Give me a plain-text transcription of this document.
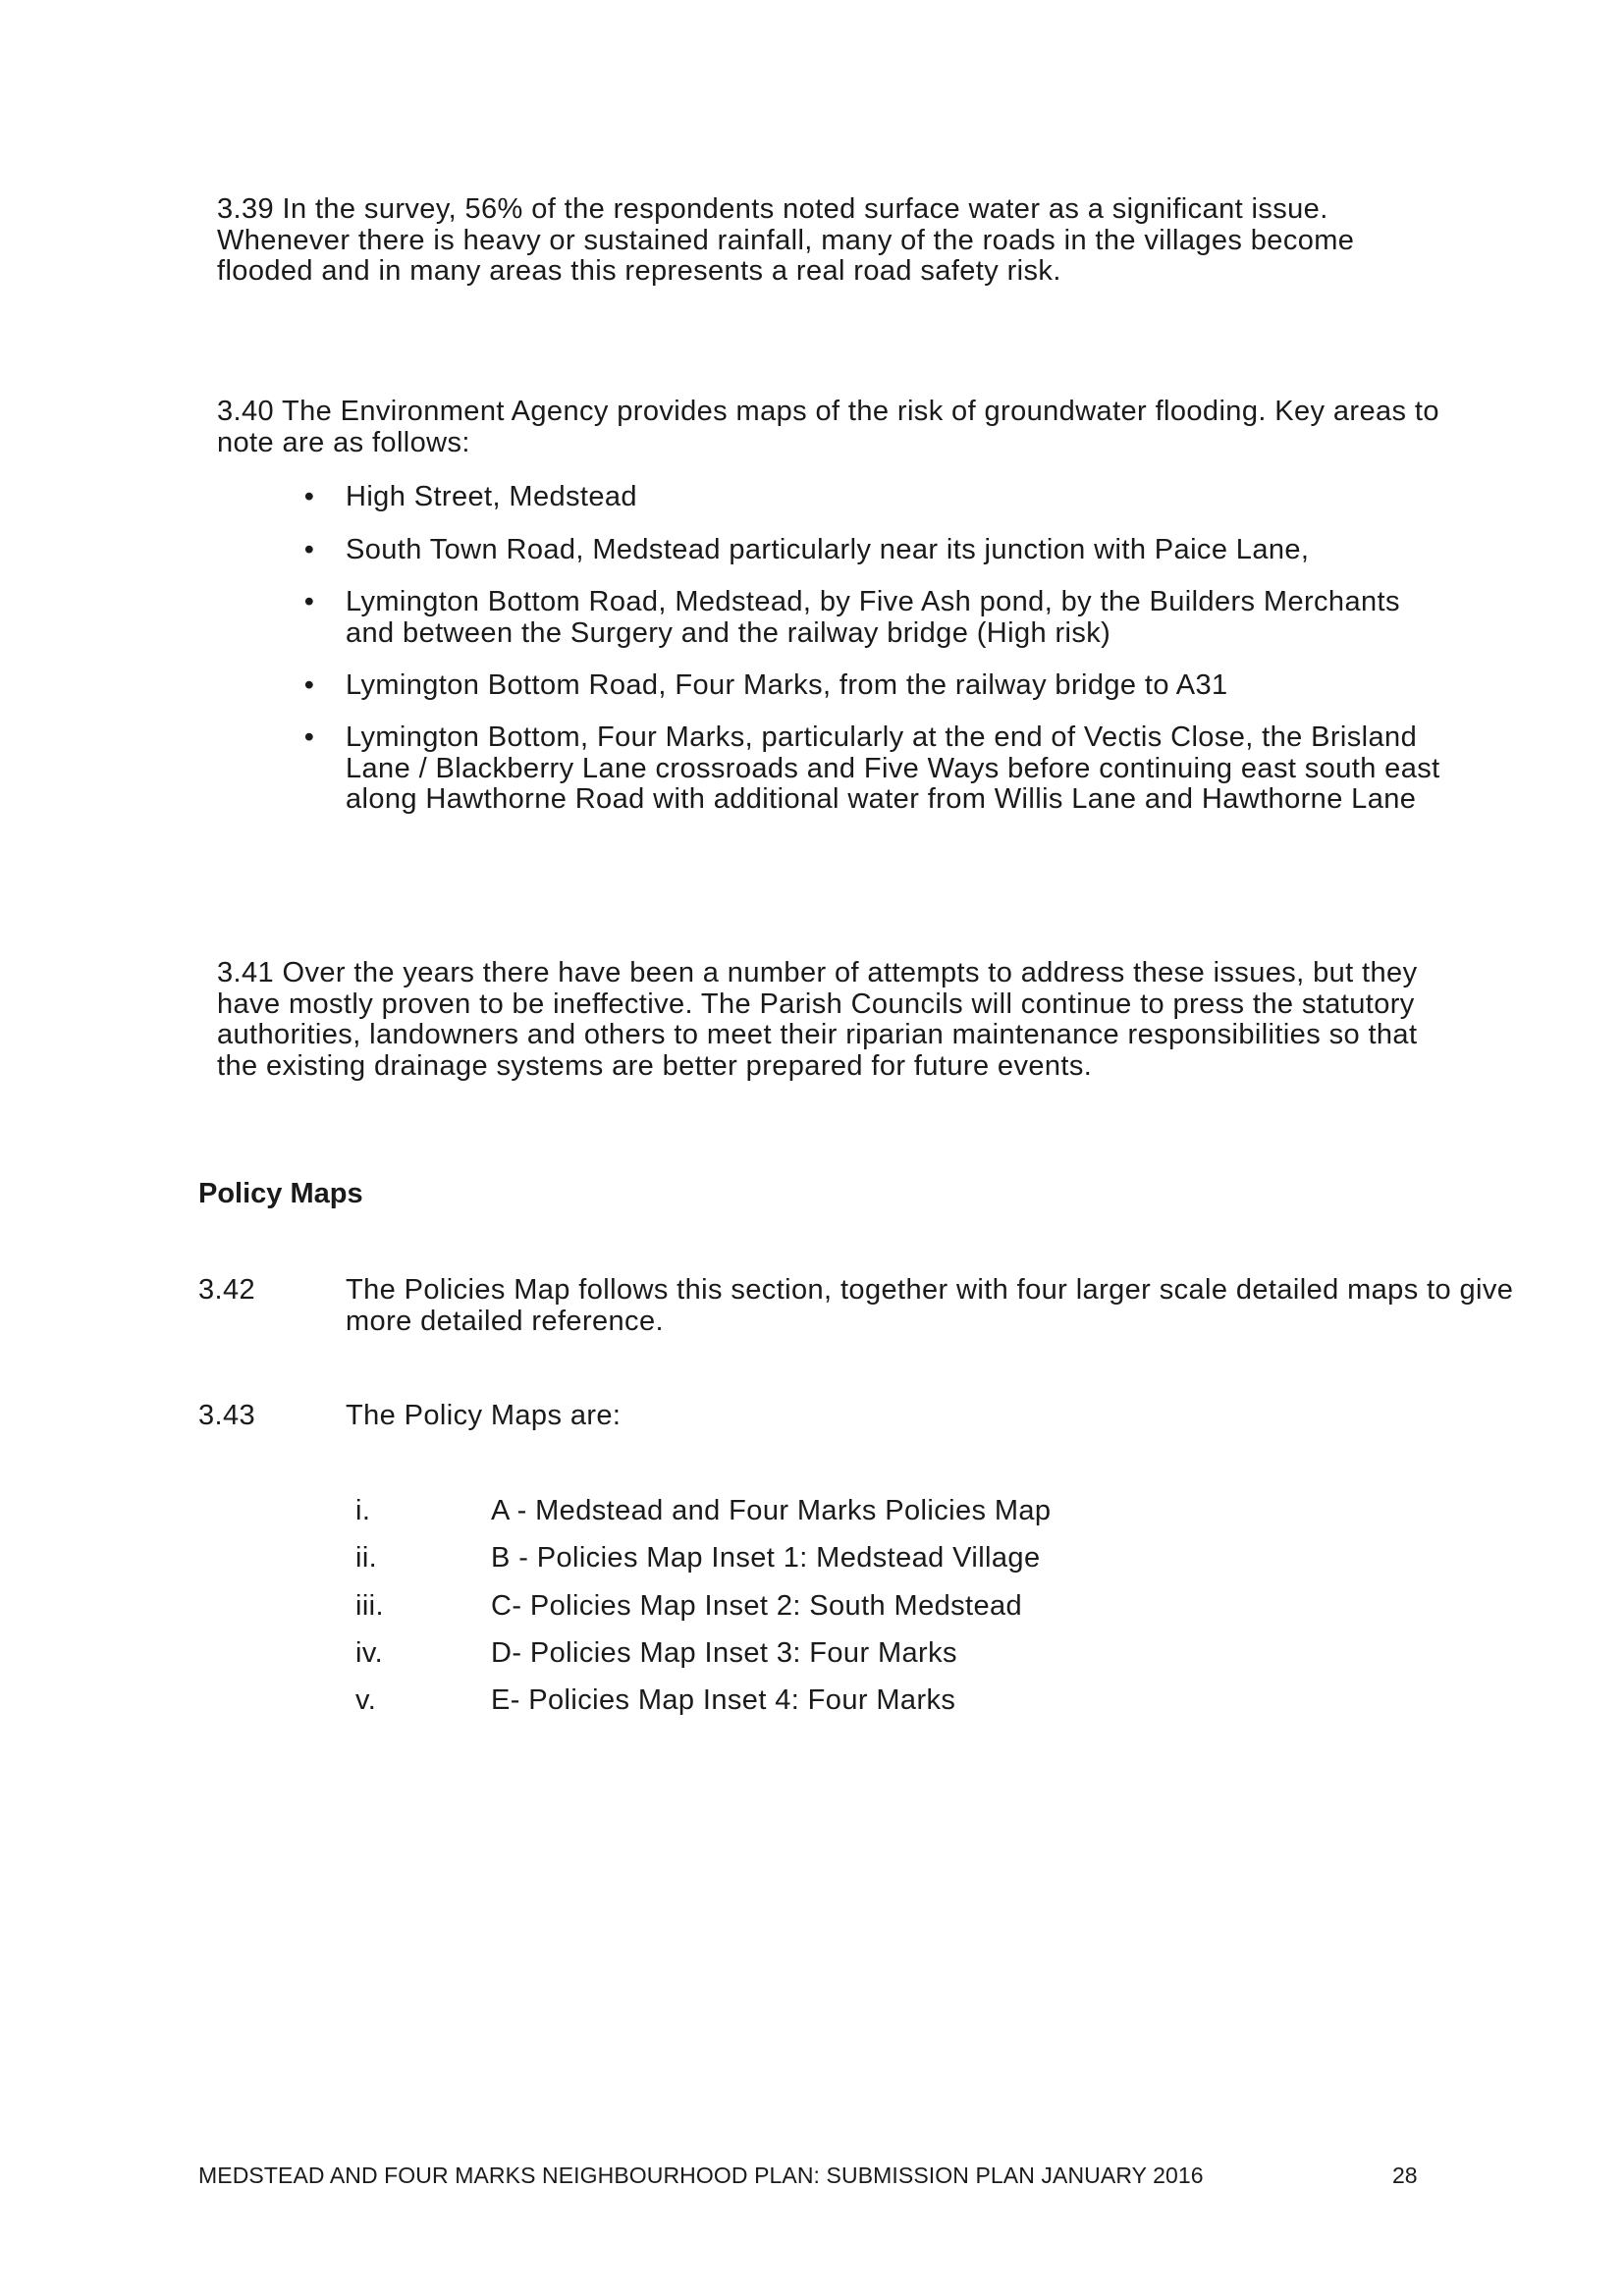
3.39 In the survey, 56% of the respondents noted surface water as a significant issue. Whenever there is heavy or sustained rainfall, many of the roads in the villages become flooded and in many areas this represents a real road safety risk.

3.40 The Environment Agency provides maps of the risk of groundwater flooding. Key areas to note are as follows:

•	High Street, Medstead
•	South Town Road, Medstead particularly near its junction with Paice Lane,
•	Lymington Bottom Road, Medstead, by Five Ash pond, by the Builders Merchants and between the Surgery and the railway bridge (High risk)
•	Lymington Bottom Road, Four Marks, from the railway bridge to A31
•	Lymington Bottom, Four Marks, particularly at the end of Vectis Close, the Brisland Lane / Blackberry Lane crossroads and Five Ways before continuing east south east along Hawthorne Road with additional water from Willis Lane and Hawthorne Lane

3.41 Over the years there have been a number of attempts to address these issues, but they have mostly proven to be ineffective. The Parish Councils will continue to press the statutory authorities, landowners and others to meet their riparian maintenance responsibilities so that the existing drainage systems are better prepared for future events.

Policy Maps
3.42	The Policies Map follows this section, together with four larger scale detailed maps to give more detailed reference.
3.43	The Policy Maps are:
i.	A - Medstead and Four Marks Policies Map
ii.	B - Policies Map Inset 1: Medstead Village
iii.	C- Policies Map Inset 2: South Medstead
iv.	D- Policies Map Inset 3: Four Marks
v.	E- Policies Map Inset 4: Four Marks
MEDSTEAD AND FOUR MARKS NEIGHBOURHOOD PLAN: SUBMISSION PLAN JANUARY 2016	28
